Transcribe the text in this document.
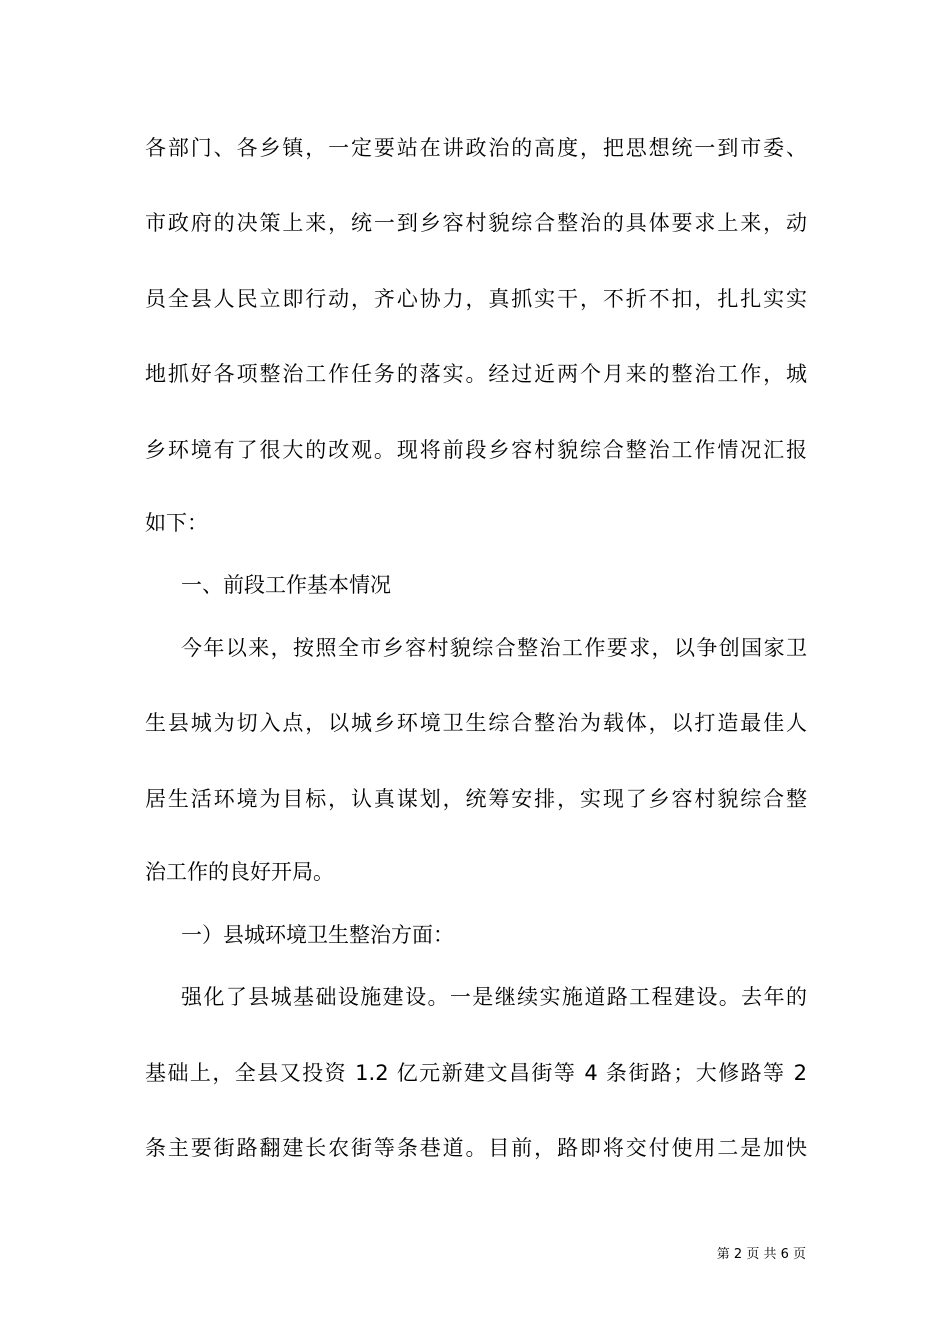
各部门、各乡镇，一定要站在讲政治的高度，把思想统一到市委、
市政府的决策上来，统一到乡容村貌综合整治的具体要求上来，动
员全县人民立即行动，齐心协力，真抓实干，不折不扣，扎扎实实
地抓好各项整治工作任务的落实。经过近两个月来的整治工作，城
乡环境有了很大的改观。现将前段乡容村貌综合整治工作情况汇报
如下：
一、前段工作基本情况
今年以来，按照全市乡容村貌综合整治工作要求，以争创国家卫
生县城为切入点，以城乡环境卫生综合整治为载体，以打造最佳人
居生活环境为目标，认真谋划，统筹安排，实现了乡容村貌综合整
治工作的良好开局。
一）县城环境卫生整治方面：
强化了县城基础设施建设。一是继续实施道路工程建设。去年的
基础上，全县又投资 1.2 亿元新建文昌街等 4 条街路；大修路等 2
条主要街路翻建长农街等条巷道。目前，路即将交付使用二是加快
第 2 页 共 6 页
